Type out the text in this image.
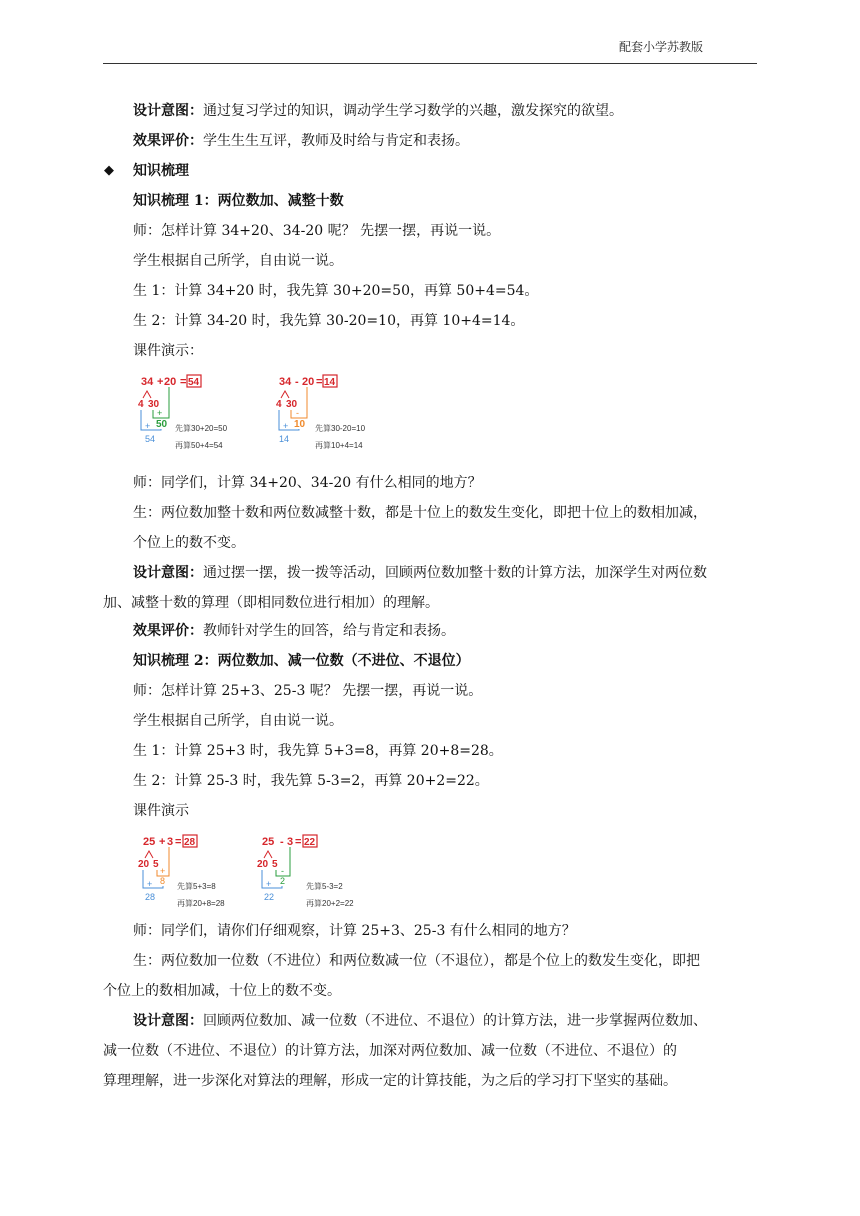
配套小学苏教版
设计意图：通过复习学过的知识，调动学生学习数学的兴趣，激发探究的欲望。
效果评价：学生生生互评，教师及时给与肯定和表扬。
◆ 知识梳理
知识梳理 1：两位数加、减整十数
师：怎样计算 34+20、34-20 呢？ 先摆一摆，再说一说。
学生根据自己所学，自由说一说。
生 1：计算 34+20 时，我先算 30+20=50，再算 50+4=54。
生 2：计算 34-20 时，我先算 30-20=10，再算 10+4=14。
课件演示：
34 + 20 = 54
4 30
+
50
+
54
先算30+20=50
再算50+4=54
34 - 20 = 14
4 30
-
10
+
14
先算30-20=10
再算10+4=14
师：同学们，计算 34+20、34-20 有什么相同的地方？
生：两位数加整十数和两位数减整十数，都是十位上的数发生变化，即把十位上的数相加减，
个位上的数不变。
设计意图：通过摆一摆，拨一拨等活动，回顾两位数加整十数的计算方法，加深学生对两位数
加、减整十数的算理（即相同数位进行相加）的理解。
效果评价：教师针对学生的回答，给与肯定和表扬。
知识梳理 2：两位数加、减一位数（不进位、不退位）
师：怎样计算 25+3、25-3 呢？ 先摆一摆，再说一说。
学生根据自己所学，自由说一说。
生 1：计算 25+3 时，我先算 5+3=8，再算 20+8=28。
生 2：计算 25-3 时，我先算 5-3=2，再算 20+2=22。
课件演示
25 + 3 = 28
20 5
+
8
+
28
先算5+3=8
再算20+8=28
25 - 3 = 22
20 5
-
2
+
22
先算5-3=2
再算20+2=22
师：同学们，请你们仔细观察，计算 25+3、25-3 有什么相同的地方？
生：两位数加一位数（不进位）和两位数减一位（不退位），都是个位上的数发生变化，即把
个位上的数相加减，十位上的数不变。
设计意图：回顾两位数加、减一位数（不进位、不退位）的计算方法，进一步掌握两位数加、
减一位数（不进位、不退位）的计算方法，加深对两位数加、减一位数（不进位、不退位）的
算理理解，进一步深化对算法的理解，形成一定的计算技能，为之后的学习打下坚实的基础。
